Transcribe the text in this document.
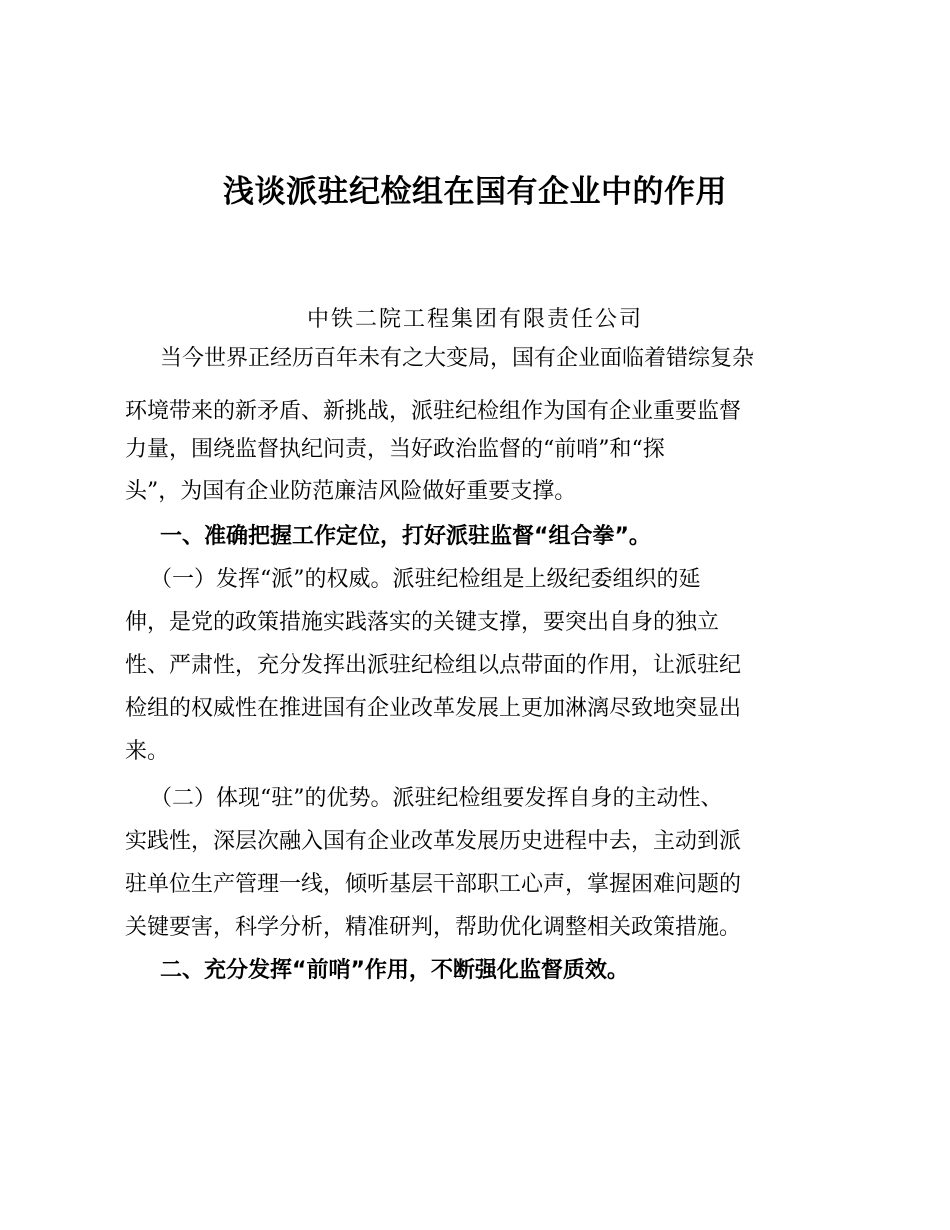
浅谈派驻纪检组在国有企业中的作用

中铁二院工程集团有限责任公司

当今世界正经历百年未有之大变局，国有企业面临着错综复杂

环境带来的新矛盾、新挑战，派驻纪检组作为国有企业重要监督

力量，围绕监督执纪问责，当好政治监督的“前哨”和“探

头”，为国有企业防范廉洁风险做好重要支撑。

一、准确把握工作定位，打好派驻监督“组合拳”。

（一）发挥“派”的权威。派驻纪检组是上级纪委组织的延

伸，是党的政策措施实践落实的关键支撑，要突出自身的独立

性、严肃性，充分发挥出派驻纪检组以点带面的作用，让派驻纪

检组的权威性在推进国有企业改革发展上更加淋漓尽致地突显出

来。

（二）体现“驻”的优势。派驻纪检组要发挥自身的主动性、

实践性，深层次融入国有企业改革发展历史进程中去，主动到派

驻单位生产管理一线，倾听基层干部职工心声，掌握困难问题的

关键要害，科学分析，精准研判，帮助优化调整相关政策措施。

二、充分发挥“前哨”作用，不断强化监督质效。
